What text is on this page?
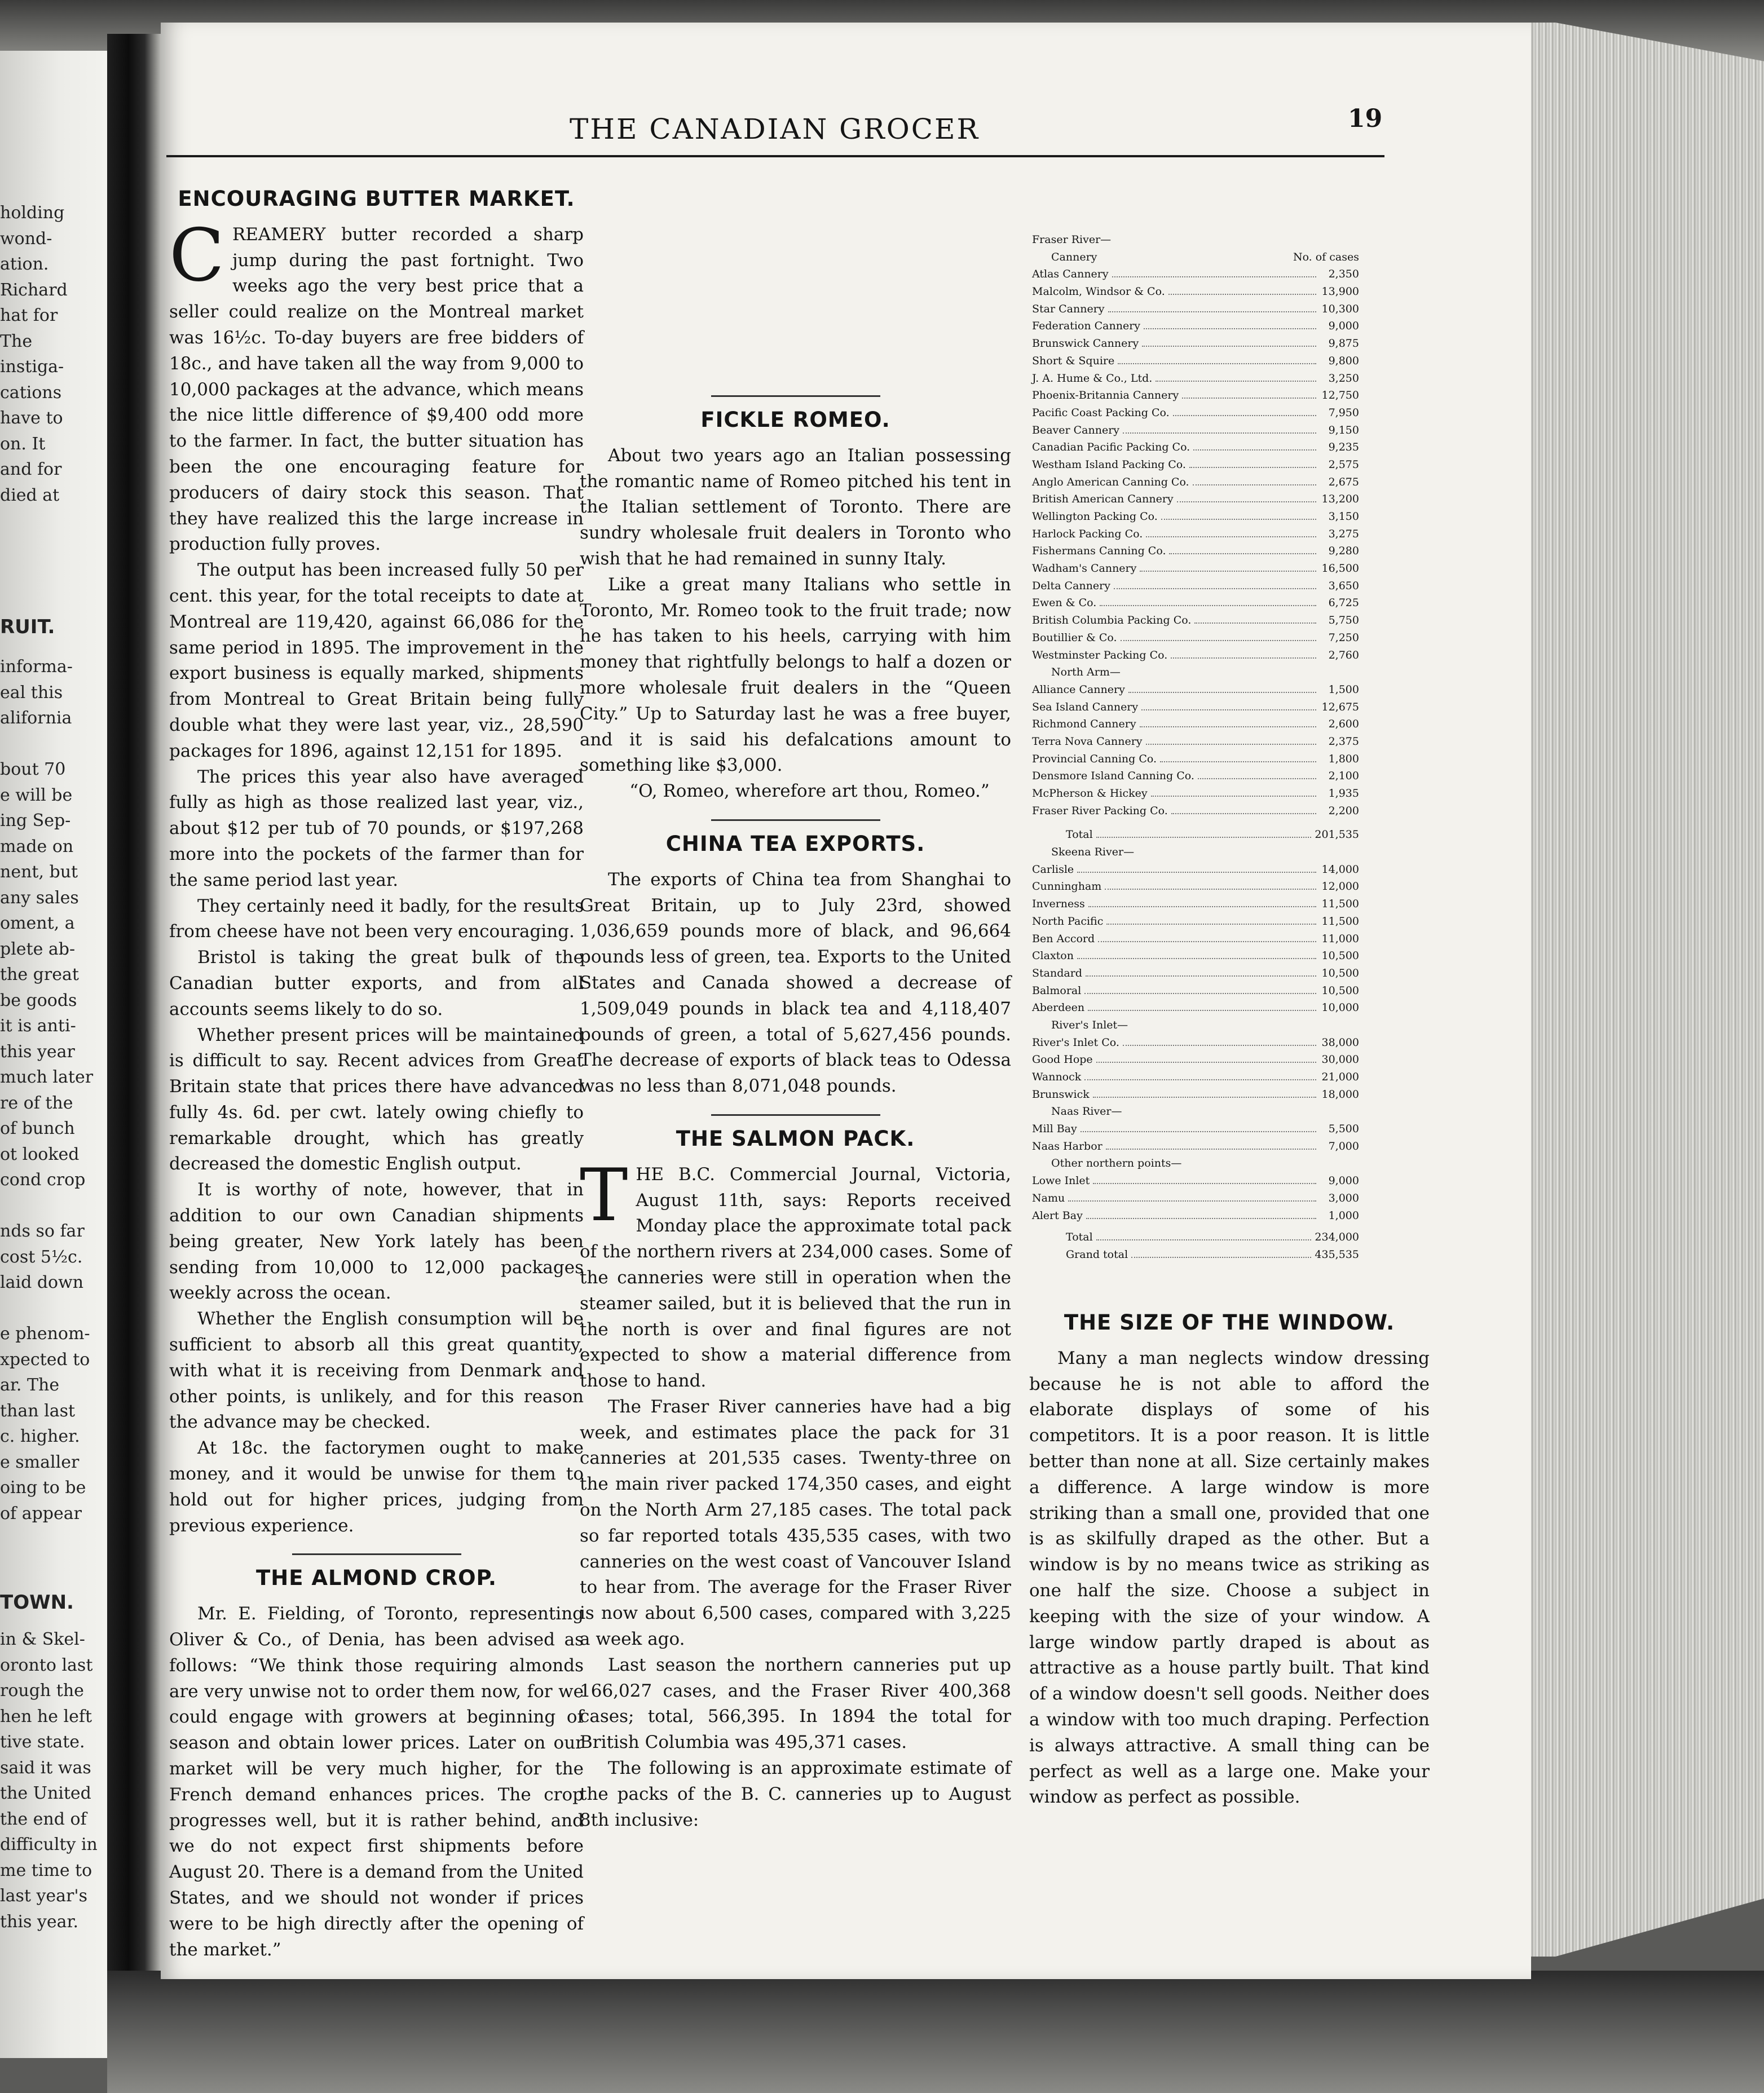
holding
wond-
ation.
Richard
hat for
The
instiga-
cations
have to
on. It
and for
died at
RUIT.
informa-
eal this
alifornia
bout 70
e will be
ing Sep-
made on
nent, but
any sales
oment, a
plete ab-
the great
be goods
it is anti-
this year
much later
re of the
of bunch
ot looked
cond crop
nds so far
cost 5½c.
laid down
e phenom-
xpected to
ar. The
than last
c. higher.
e smaller
oing to be
of appear
TOWN.
in & Skel-
oronto last
rough the
hen he left
tive state.
said it was
the United
the end of
difficulty in
me time to
last year's
this year.
THE CANADIAN GROCER	19
ENCOURAGING BUTTER MARKET.

CREAMERY butter recorded a sharp jump during the past fortnight. Two weeks ago the very best price that a seller could realize on the Montreal market was 16½c. To-day buyers are free bidders of 18c., and have taken all the way from 9,000 to 10,000 packages at the advance, which means the nice little difference of $9,400 odd more to the farmer. In fact, the butter situation has been the one encouraging feature for producers of dairy stock this season. That they have realized this the large increase in production fully proves.

The output has been increased fully 50 per cent. this year, for the total receipts to date at Montreal are 119,420, against 66,086 for the same period in 1895. The improvement in the export business is equally marked, shipments from Montreal to Great Britain being fully double what they were last year, viz., 28,590 packages for 1896, against 12,151 for 1895.

The prices this year also have averaged fully as high as those realized last year, viz., about $12 per tub of 70 pounds, or $197,268 more into the pockets of the farmer than for the same period last year.

They certainly need it badly, for the results from cheese have not been very encouraging.

Bristol is taking the great bulk of the Canadian butter exports, and from all accounts seems likely to do so.

Whether present prices will be maintained is difficult to say. Recent advices from Great Britain state that prices there have advanced fully 4s. 6d. per cwt. lately owing chiefly to remarkable drought, which has greatly decreased the domestic English output.

It is worthy of note, however, that in addition to our own Canadian shipments being greater, New York lately has been sending from 10,000 to 12,000 packages weekly across the ocean.

Whether the English consumption will be sufficient to absorb all this great quantity, with what it is receiving from Denmark and other points, is unlikely, and for this reason the advance may be checked.

At 18c. the factorymen ought to make money, and it would be unwise for them to hold out for higher prices, judging from previous experience.

THE ALMOND CROP.

Mr. E. Fielding, of Toronto, representing Oliver & Co., of Denia, has been advised as follows: “We think those requiring almonds are very unwise not to order them now, for we could engage with growers at beginning of season and obtain lower prices. Later on our market will be very much higher, for the French demand enhances prices. The crop progresses well, but it is rather behind, and we do not expect first shipments before August 20. There is a demand from the United States, and we should not wonder if prices were to be high directly after the opening of the market.”

FICKLE ROMEO.

About two years ago an Italian possessing the romantic name of Romeo pitched his tent in the Italian settlement of Toronto. There are sundry wholesale fruit dealers in Toronto who wish that he had remained in sunny Italy.

Like a great many Italians who settle in Toronto, Mr. Romeo took to the fruit trade; now he has taken to his heels, carrying with him money that rightfully belongs to half a dozen or more wholesale fruit dealers in the “Queen City.” Up to Saturday last he was a free buyer, and it is said his defalcations amount to something like $3,000.

“O, Romeo, wherefore art thou, Romeo.”

CHINA TEA EXPORTS.

The exports of China tea from Shanghai to Great Britain, up to July 23rd, showed 1,036,659 pounds more of black, and 96,664 pounds less of green, tea. Exports to the United States and Canada showed a decrease of 1,509,049 pounds in black tea and 4,118,407 pounds of green, a total of 5,627,456 pounds. The decrease of exports of black teas to Odessa was no less than 8,071,048 pounds.

THE SALMON PACK.

THE B.C. Commercial Journal, Victoria, August 11th, says: Reports received Monday place the approximate total pack of the northern rivers at 234,000 cases. Some of the canneries were still in operation when the steamer sailed, but it is believed that the run in the north is over and final figures are not expected to show a material difference from those to hand.

The Fraser River canneries have had a big week, and estimates place the pack for 31 canneries at 201,535 cases. Twenty-three on the main river packed 174,350 cases, and eight on the North Arm 27,185 cases. The total pack so far reported totals 435,535 cases, with two canneries on the west coast of Vancouver Island to hear from. The average for the Fraser River is now about 6,500 cases, compared with 3,225 a week ago.

Last season the northern canneries put up 166,027 cases, and the Fraser River 400,368 cases; total, 566,395. In 1894 the total for British Columbia was 495,371 cases.

The following is an approximate estimate of the packs of the B. C. canneries up to August 8th inclusive:

Fraser River—
Cannery	No. of cases
Atlas Cannery	2,350
Malcolm, Windsor & Co.	13,900
Star Cannery	10,300
Federation Cannery	9,000
Brunswick Cannery	9,875
Short & Squire	9,800
J. A. Hume & Co., Ltd.	3,250
Phoenix-Britannia Cannery	12,750
Pacific Coast Packing Co.	7,950
Beaver Cannery	9,150
Canadian Pacific Packing Co.	9,235
Westham Island Packing Co.	2,575
Anglo American Canning Co.	2,675
British American Cannery	13,200
Wellington Packing Co.	3,150
Harlock Packing Co.	3,275
Fishermans Canning Co.	9,280
Wadham's Cannery	16,500
Delta Cannery	3,650
Ewen & Co.	6,725
British Columbia Packing Co.	5,750
Boutillier & Co.	7,250
Westminster Packing Co.	2,760
North Arm—
Alliance Cannery	1,500
Sea Island Cannery	12,675
Richmond Cannery	2,600
Terra Nova Cannery	2,375
Provincial Canning Co.	1,800
Densmore Island Canning Co.	2,100
McPherson & Hickey	1,935
Fraser River Packing Co.	2,200
Total	201,535
Skeena River—
Carlisle	14,000
Cunningham	12,000
Inverness	11,500
North Pacific	11,500
Ben Accord	11,000
Claxton	10,500
Standard	10,500
Balmoral	10,500
Aberdeen	10,000
River's Inlet—
River's Inlet Co.	38,000
Good Hope	30,000
Wannock	21,000
Brunswick	18,000
Naas River—
Mill Bay	5,500
Naas Harbor	7,000
Other northern points—
Lowe Inlet	9,000
Namu	3,000
Alert Bay	1,000
Total	234,000
Grand total	435,535
THE SIZE OF THE WINDOW.

Many a man neglects window dressing because he is not able to afford the elaborate displays of some of his competitors. It is a poor reason. It is little better than none at all. Size certainly makes a difference. A large window is more striking than a small one, provided that one is as skilfully draped as the other. But a window is by no means twice as striking as one half the size. Choose a subject in keeping with the size of your window. A large window partly draped is about as attractive as a house partly built. That kind of a window doesn't sell goods. Neither does a window with too much draping. Perfection is always attractive. A small thing can be perfect as well as a large one. Make your window as perfect as possible.
